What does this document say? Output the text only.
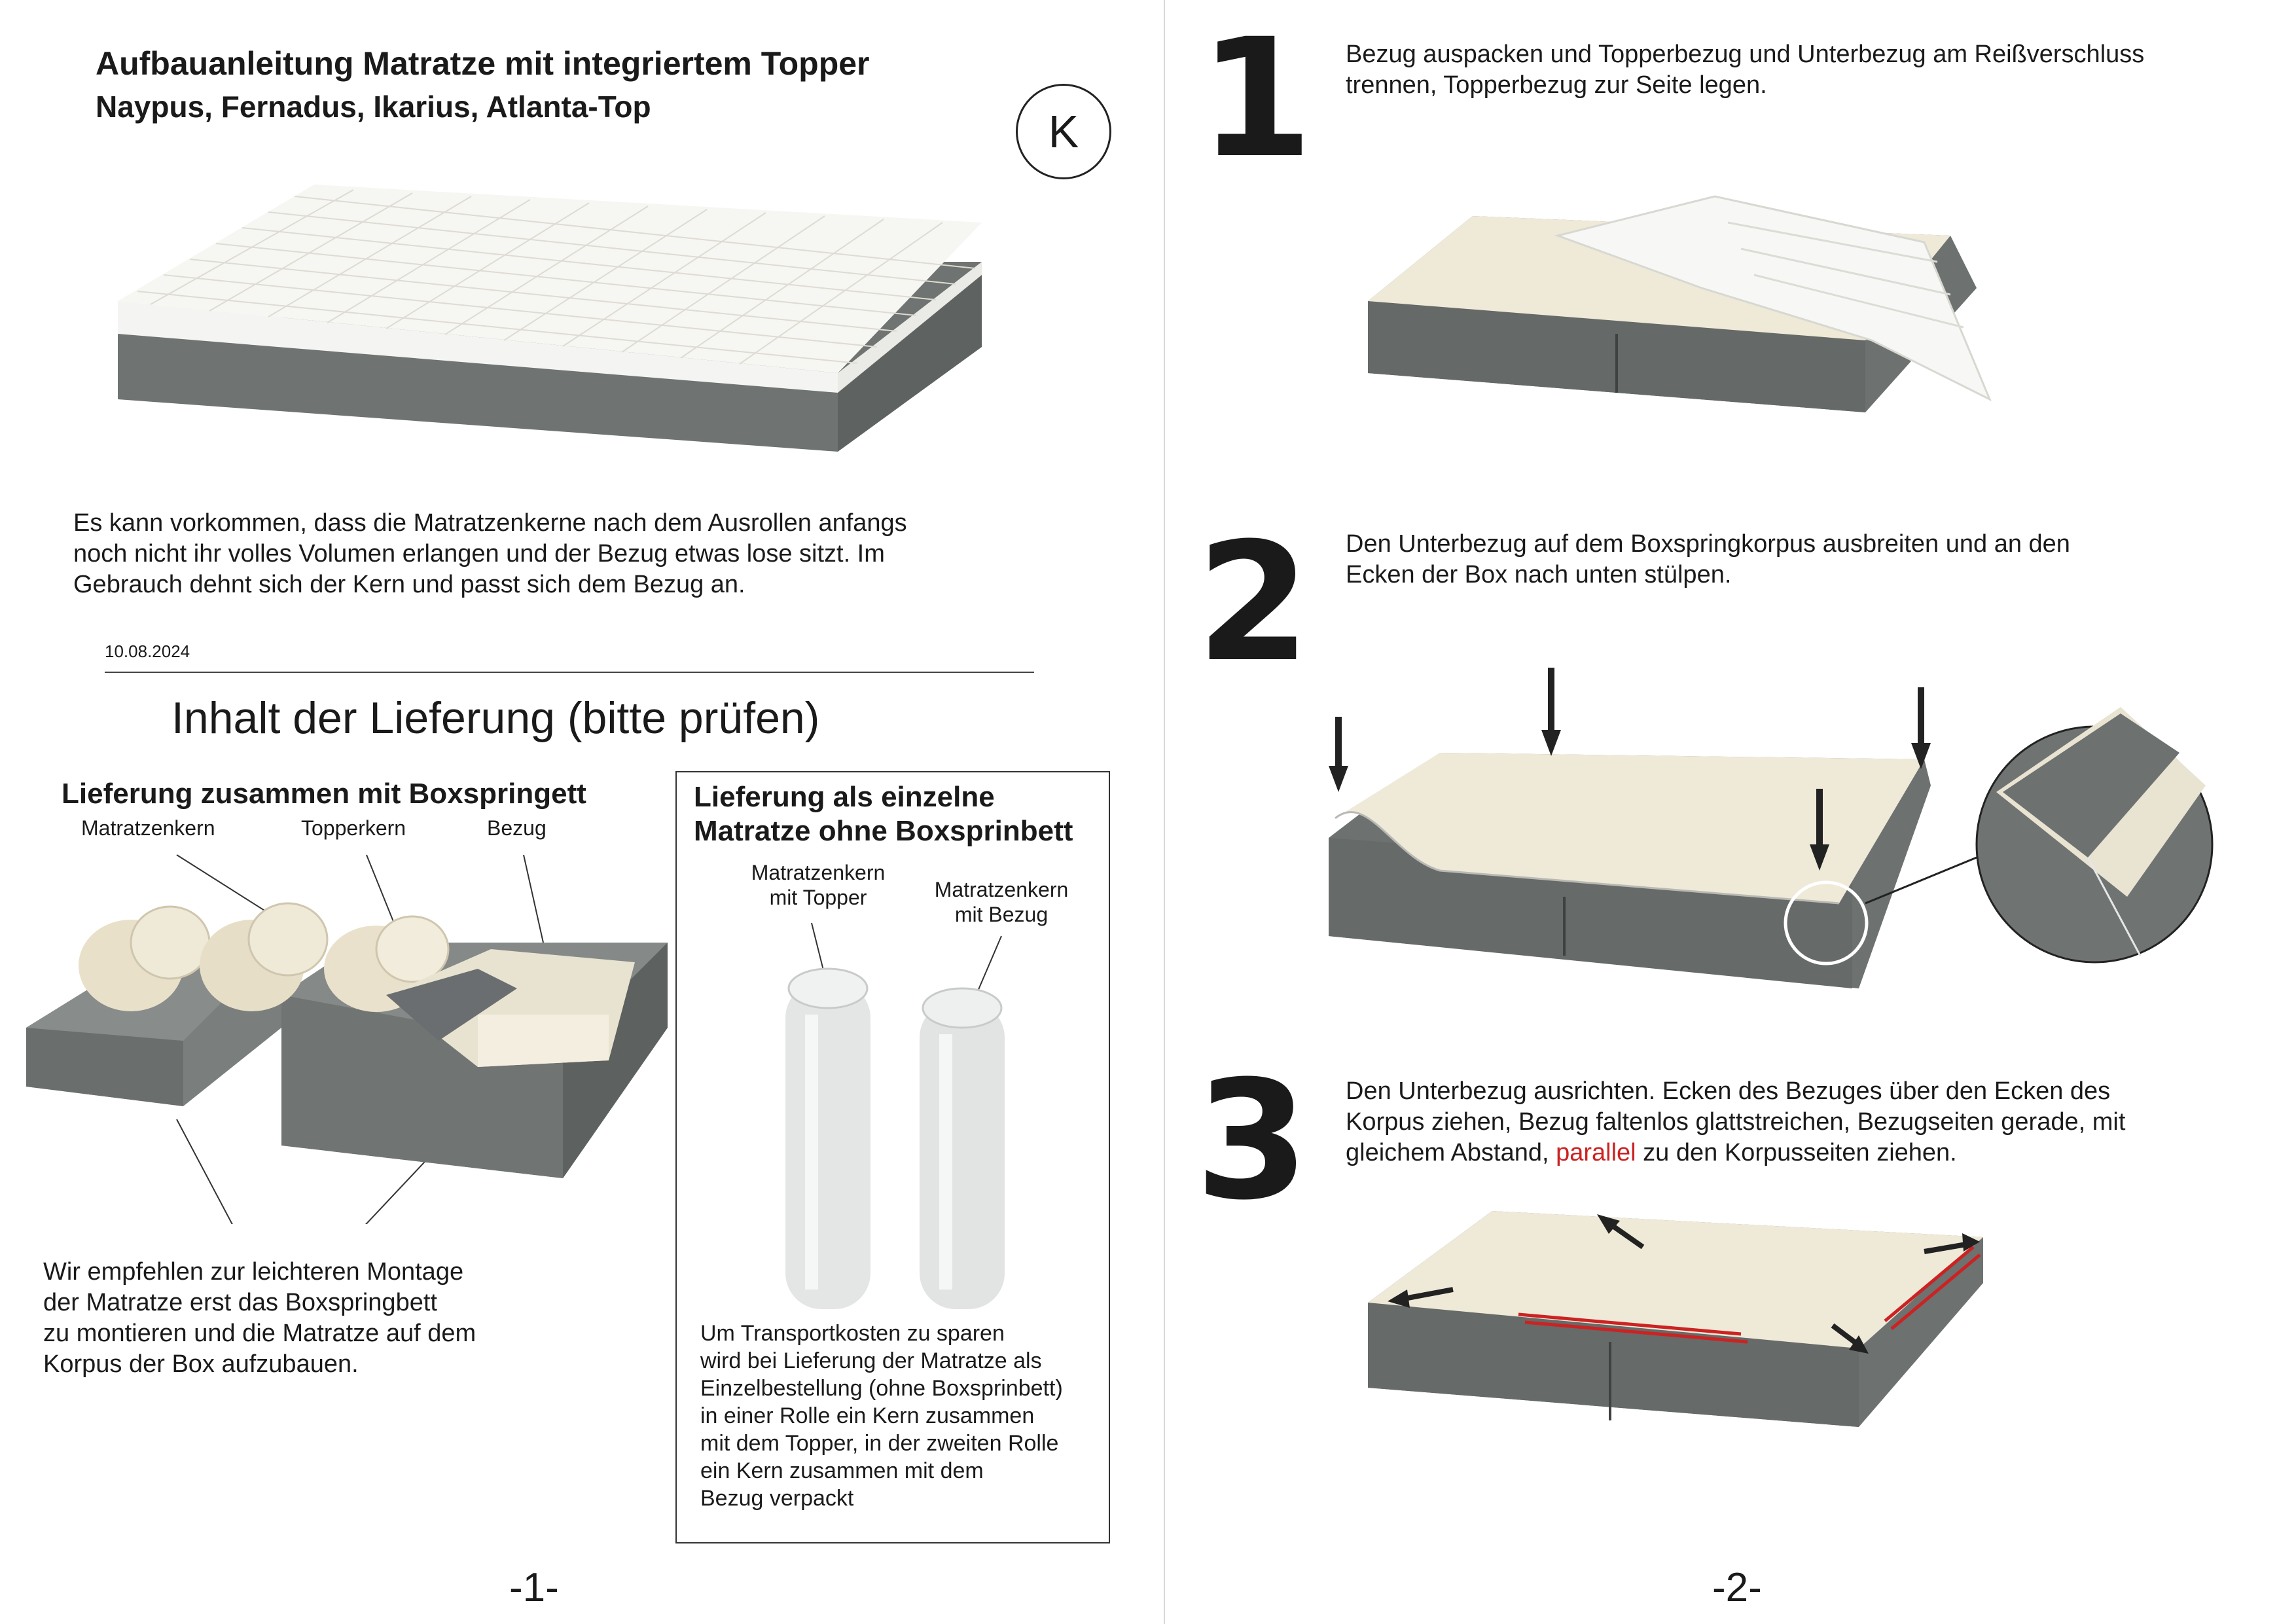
Aufbauanleitung Matratze mit integriertem Topper
Naypus, Fernadus, Ikarius, Atlanta-Top	K
Es kann vorkommen, dass die Matratzenkerne nach dem Ausrollen anfangs
noch nicht ihr volles Volumen erlangen und der Bezug etwas lose sitzt. Im
Gebrauch dehnt sich der Kern und passt sich dem Bezug an.
10.08.2024
Inhalt der Lieferung (bitte prüfen)
Lieferung zusammen mit Boxspringett
Matratzenkern	Topperkern	Bezug
Wir empfehlen zur leichteren Montage
der Matratze erst das Boxspringbett
zu montieren und die Matratze auf dem
Korpus der Box aufzubauen.
Lieferung als einzelne
Matratze ohne Boxsprinbett
Matratzenkern
mit Topper	Matratzenkern
mit Bezug
Um Transportkosten zu sparen
wird bei Lieferung der Matratze als
Einzelbestellung (ohne Boxsprinbett)
in einer Rolle ein Kern zusammen
mit dem Topper, in der zweiten Rolle
ein Kern zusammen mit dem
Bezug verpackt
-1-
1 Bezug auspacken und Topperbezug und Unterbezug am Reißverschluss
trennen, Topperbezug zur Seite legen.
2 Den Unterbezug auf dem Boxspringkorpus ausbreiten und an den
Ecken der Box nach unten stülpen.
3 Den Unterbezug ausrichten. Ecken des Bezuges über den Ecken des
Korpus ziehen, Bezug faltenlos glattstreichen, Bezugseiten gerade, mit
gleichem Abstand, parallel zu den Korpusseiten ziehen.
-2-
